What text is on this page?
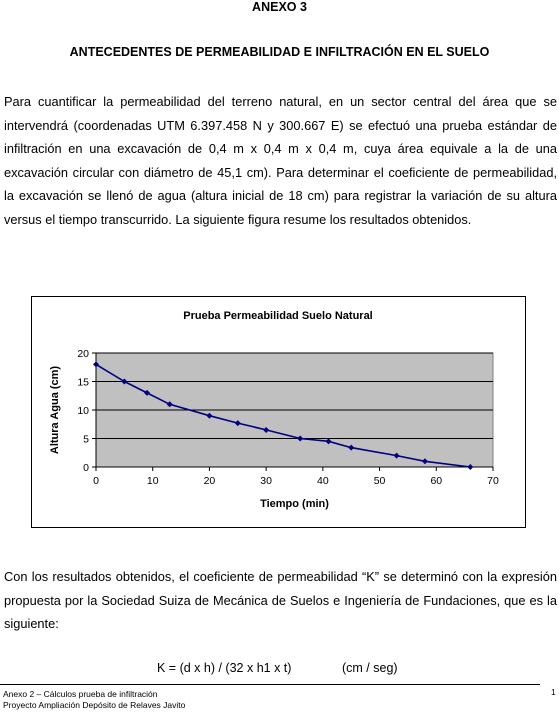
ANEXO 3
ANTECEDENTES DE PERMEABILIDAD E INFILTRACIÓN EN EL SUELO

Para cuantificar la permeabilidad del terreno natural, en un sector central del área que se intervendrá (coordenadas UTM 6.397.458 N y 300.667 E) se efectuó una prueba estándar de infiltración en una excavación de 0,4 m x 0,4 m x 0,4 m, cuya área equivale a la de una excavación circular con diámetro de 45,1 cm). Para determinar el coeficiente de permeabilidad, la excavación se llenó de agua (altura inicial de 18 cm) para registrar la variación de su altura versus el tiempo transcurrido. La siguiente figura resume los resultados obtenidos.

Prueba Permeabilidad Suelo Natural
0
5
10
15
20
0	10	20	30	40	50	60	70
Tiempo (min)
Altura Agua (cm)

Con los resultados obtenidos, el coeficiente de permeabilidad “K” se determinó con la expresión propuesta por la Sociedad Suiza de Mecánica de Suelos e Ingeniería de Fundaciones, que es la siguiente:

K = (d x h) / (32 x h1 x t)	(cm / seg)
Anexo 2 – Cálculos prueba de infiltración
Proyecto Ampliación Depósito de Relaves Javito
1
